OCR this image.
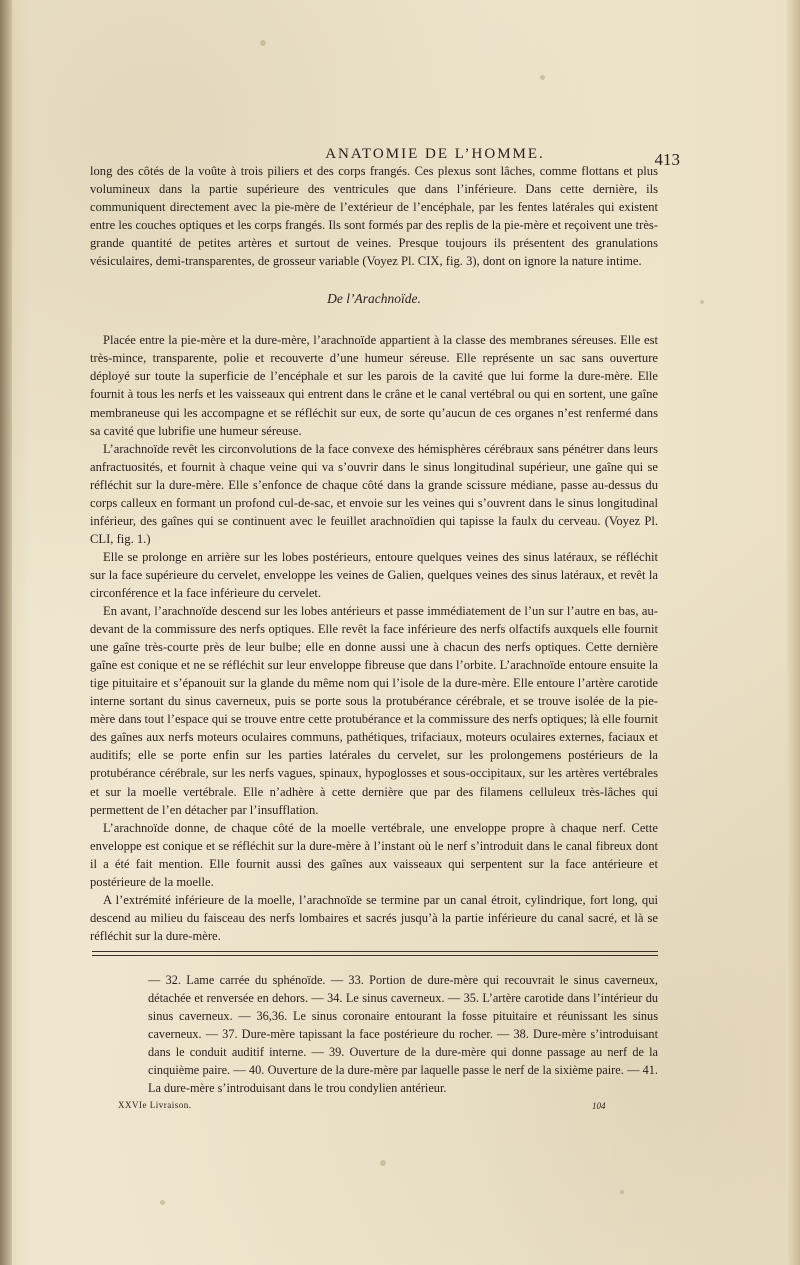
ANATOMIE DE L’HOMME.	413

long des côtés de la voûte à trois piliers et des corps frangés. Ces plexus sont lâches, comme flottans et plus volumineux dans la partie supérieure des ventricules que dans l’inférieure. Dans cette dernière, ils communiquent directement avec la pie-mère de l’extérieur de l’encéphale, par les fentes latérales qui existent entre les couches optiques et les corps frangés. Ils sont formés par des replis de la pie-mère et reçoivent une très-grande quantité de petites artères et surtout de veines. Presque toujours ils présentent des granulations vésiculaires, demi-transparentes, de grosseur variable (Voyez Pl. CIX, fig. 3), dont on ignore la nature intime.

De l’Arachnoïde.

Placée entre la pie-mère et la dure-mère, l’arachnoïde appartient à la classe des membranes séreuses. Elle est très-mince, transparente, polie et recouverte d’une humeur séreuse. Elle représente un sac sans ouverture déployé sur toute la superficie de l’encéphale et sur les parois de la cavité que lui forme la dure-mère. Elle fournit à tous les nerfs et les vaisseaux qui entrent dans le crâne et le canal vertébral ou qui en sortent, une gaîne membraneuse qui les accompagne et se réfléchit sur eux, de sorte qu’aucun de ces organes n’est renfermé dans sa cavité que lubrifie une humeur séreuse.

L’arachnoïde revêt les circonvolutions de la face convexe des hémisphères cérébraux sans pénétrer dans leurs anfractuosités, et fournit à chaque veine qui va s’ouvrir dans le sinus longitudinal supérieur, une gaîne qui se réfléchit sur la dure-mère. Elle s’enfonce de chaque côté dans la grande scissure médiane, passe au-dessus du corps calleux en formant un profond cul-de-sac, et envoie sur les veines qui s’ouvrent dans le sinus longitudinal inférieur, des gaînes qui se continuent avec le feuillet arachnoïdien qui tapisse la faulx du cerveau. (Voyez Pl. CLI, fig. 1.)

Elle se prolonge en arrière sur les lobes postérieurs, entoure quelques veines des sinus latéraux, se réfléchit sur la face supérieure du cervelet, enveloppe les veines de Galien, quelques veines des sinus latéraux, et revêt la circonférence et la face inférieure du cervelet.

En avant, l’arachnoïde descend sur les lobes antérieurs et passe immédiatement de l’un sur l’autre en bas, au-devant de la commissure des nerfs optiques. Elle revêt la face inférieure des nerfs olfactifs auxquels elle fournit une gaîne très-courte près de leur bulbe; elle en donne aussi une à chacun des nerfs optiques. Cette dernière gaîne est conique et ne se réfléchit sur leur enveloppe fibreuse que dans l’orbite. L’arachnoïde entoure ensuite la tige pituitaire et s’épanouit sur la glande du même nom qui l’isole de la dure-mère. Elle entoure l’artère carotide interne sortant du sinus caverneux, puis se porte sous la protubérance cérébrale, et se trouve isolée de la pie-mère dans tout l’espace qui se trouve entre cette protubérance et la commissure des nerfs optiques; là elle fournit des gaînes aux nerfs moteurs oculaires communs, pathétiques, trifaciaux, moteurs oculaires externes, faciaux et auditifs; elle se porte enfin sur les parties latérales du cervelet, sur les prolongemens postérieurs de la protubérance cérébrale, sur les nerfs vagues, spinaux, hypoglosses et sous-occipitaux, sur les artères vertébrales et sur la moelle vertébrale. Elle n’adhère à cette dernière que par des filamens celluleux très-lâches qui permettent de l’en détacher par l’insufflation.

L’arachnoïde donne, de chaque côté de la moelle vertébrale, une enveloppe propre à chaque nerf. Cette enveloppe est conique et se réfléchit sur la dure-mère à l’instant où le nerf s’introduit dans le canal fibreux dont il a été fait mention. Elle fournit aussi des gaînes aux vaisseaux qui serpentent sur la face antérieure et postérieure de la moelle.

A l’extrémité inférieure de la moelle, l’arachnoïde se termine par un canal étroit, cylindrique, fort long, qui descend au milieu du faisceau des nerfs lombaires et sacrés jusqu’à la partie inférieure du canal sacré, et là se réfléchit sur la dure-mère.

— 32. Lame carrée du sphénoïde. — 33. Portion de dure-mère qui recouvrait le sinus caverneux, détachée et renversée en dehors. — 34. Le sinus caverneux. — 35. L’artère carotide dans l’intérieur du sinus caverneux. — 36,36. Le sinus coronaire entourant la fosse pituitaire et réunissant les sinus caverneux. — 37. Dure-mère tapissant la face postérieure du rocher. — 38. Dure-mère s’introduisant dans le conduit auditif interne. — 39. Ouverture de la dure-mère qui donne passage au nerf de la cinquième paire. — 40. Ouverture de la dure-mère par laquelle passe le nerf de la sixième paire. — 41. La dure-mère s’introduisant dans le trou condylien antérieur.
XXVIe Livraison.	104
